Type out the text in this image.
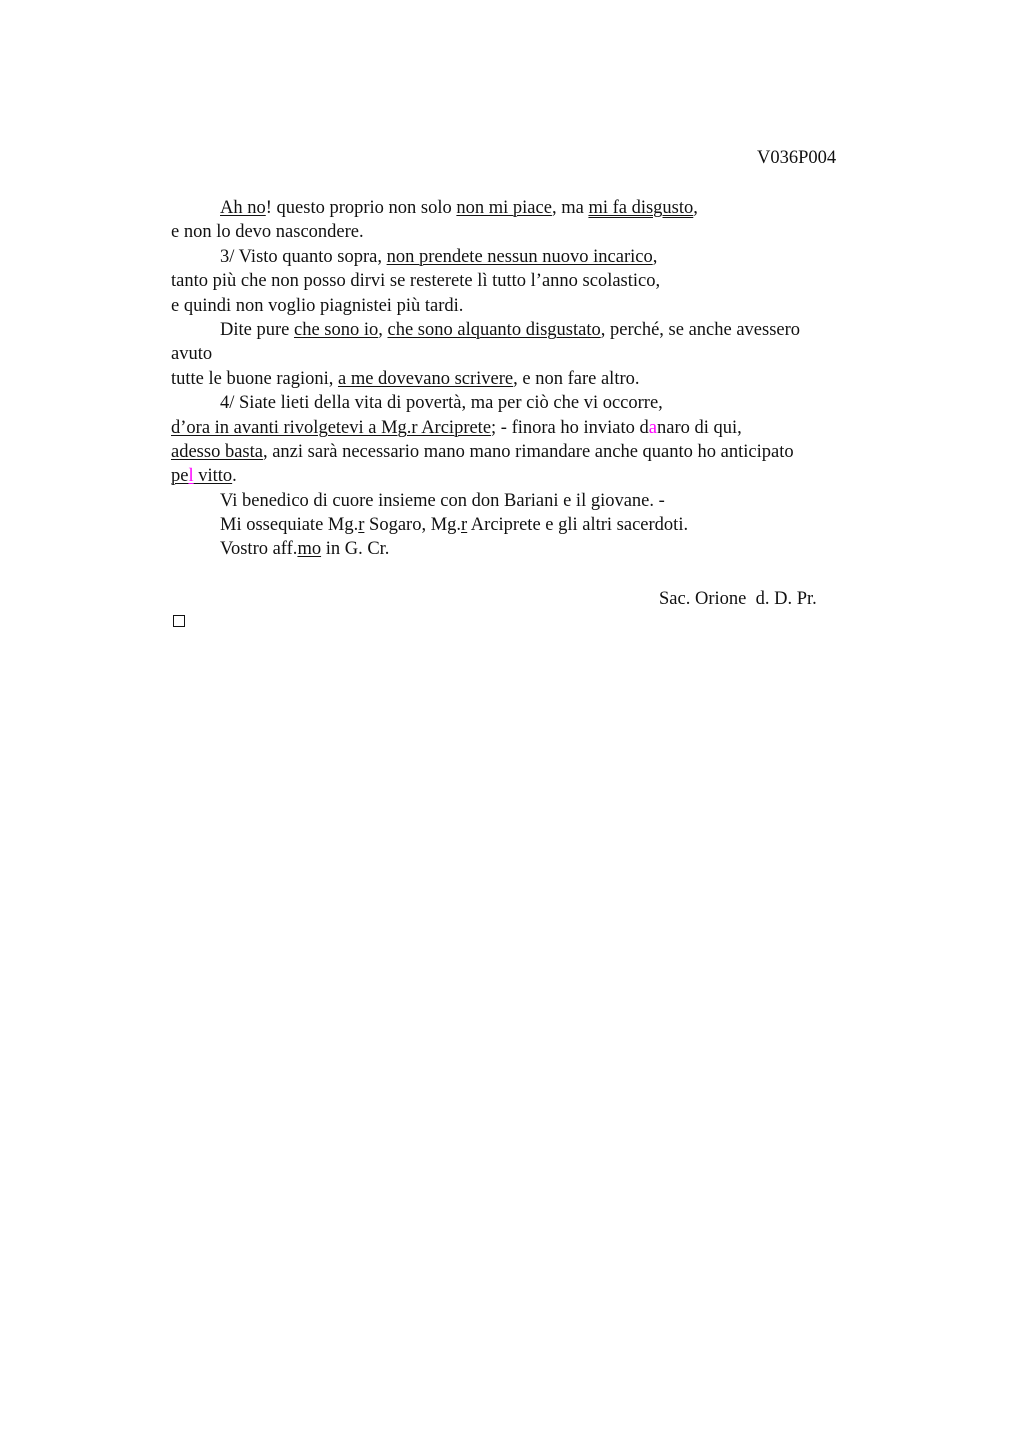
V036P004
Ah no! questo proprio non solo non mi piace, ma mi fa disgusto,
e non lo devo nascondere.
3/ Visto quanto sopra, non prendete nessun nuovo incarico,
tanto più che non posso dirvi se resterete lì tutto l’anno scolastico,
e quindi non voglio piagnistei più tardi.
Dite pure che sono io, che sono alquanto disgustato, perché, se anche avessero
avuto
tutte le buone ragioni, a me dovevano scrivere, e non fare altro.
4/ Siate lieti della vita di povertà, ma per ciò che vi occorre,
d’ora in avanti rivolgetevi a Mg.r Arciprete; - finora ho inviato danaro di qui,
adesso basta, anzi sarà necessario mano mano rimandare anche quanto ho anticipato
pel vitto.
Vi benedico di cuore insieme con don Bariani e il giovane. -
Mi ossequiate Mg.r Sogaro, Mg.r Arciprete e gli altri sacerdoti.
Vostro aff.mo in G. Cr.
Sac. Orione  d. D. Pr.
